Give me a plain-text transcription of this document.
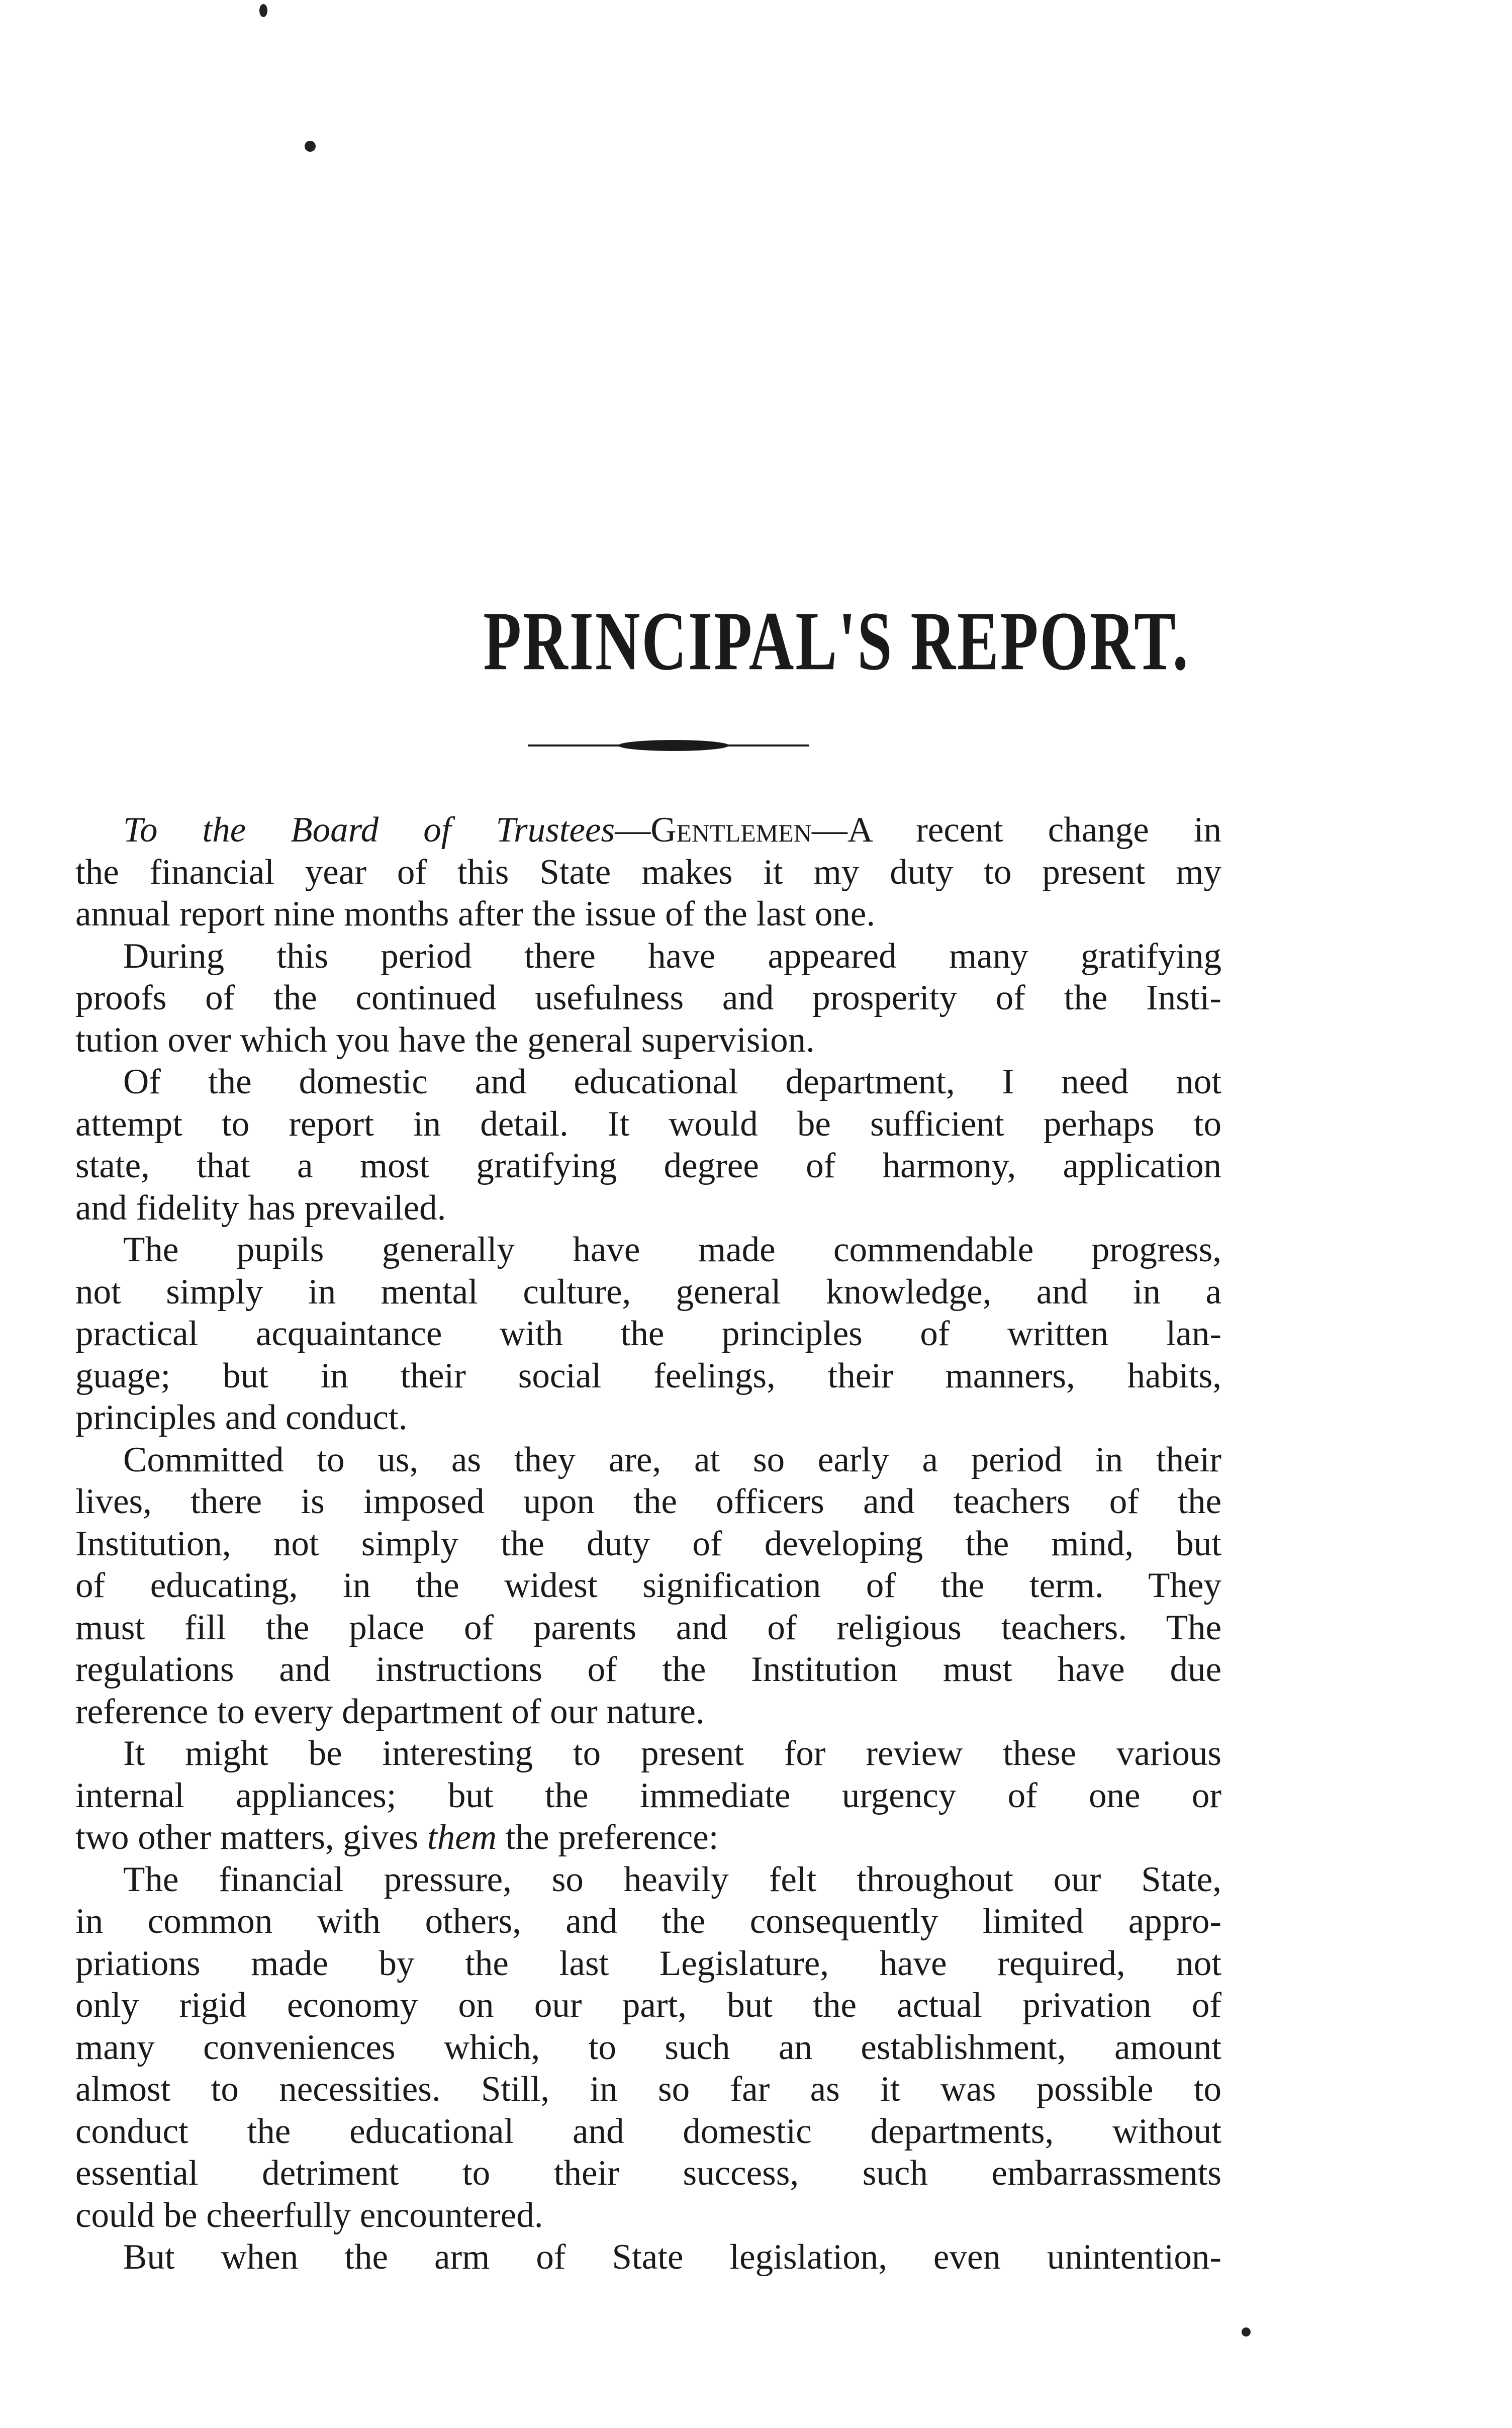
PRINCIPAL'S REPORT.
To the Board of Trustees—Gentlemen—A recent change in
the financial year of this State makes it my duty to present my
annual report nine months after the issue of the last one.
During this period there have appeared many gratifying
proofs of the continued usefulness and prosperity of the Insti-
tution over which you have the general supervision.
Of the domestic and educational department, I need not
attempt to report in detail. It would be sufficient perhaps to
state, that a most gratifying degree of harmony, application
and fidelity has prevailed.
The pupils generally have made commendable progress,
not simply in mental culture, general knowledge, and in a
practical acquaintance with the principles of written lan-
guage; but in their social feelings, their manners, habits,
principles and conduct.
Committed to us, as they are, at so early a period in their
lives, there is imposed upon the officers and teachers of the
Institution, not simply the duty of developing the mind, but
of educating, in the widest signification of the term. They
must fill the place of parents and of religious teachers. The
regulations and instructions of the Institution must have due
reference to every department of our nature.
It might be interesting to present for review these various
internal appliances; but the immediate urgency of one or
two other matters, gives them the preference:
The financial pressure, so heavily felt throughout our State,
in common with others, and the consequently limited appro-
priations made by the last Legislature, have required, not
only rigid economy on our part, but the actual privation of
many conveniences which, to such an establishment, amount
almost to necessities. Still, in so far as it was possible to
conduct the educational and domestic departments, without
essential detriment to their success, such embarrassments
could be cheerfully encountered.
But when the arm of State legislation, even unintention-
